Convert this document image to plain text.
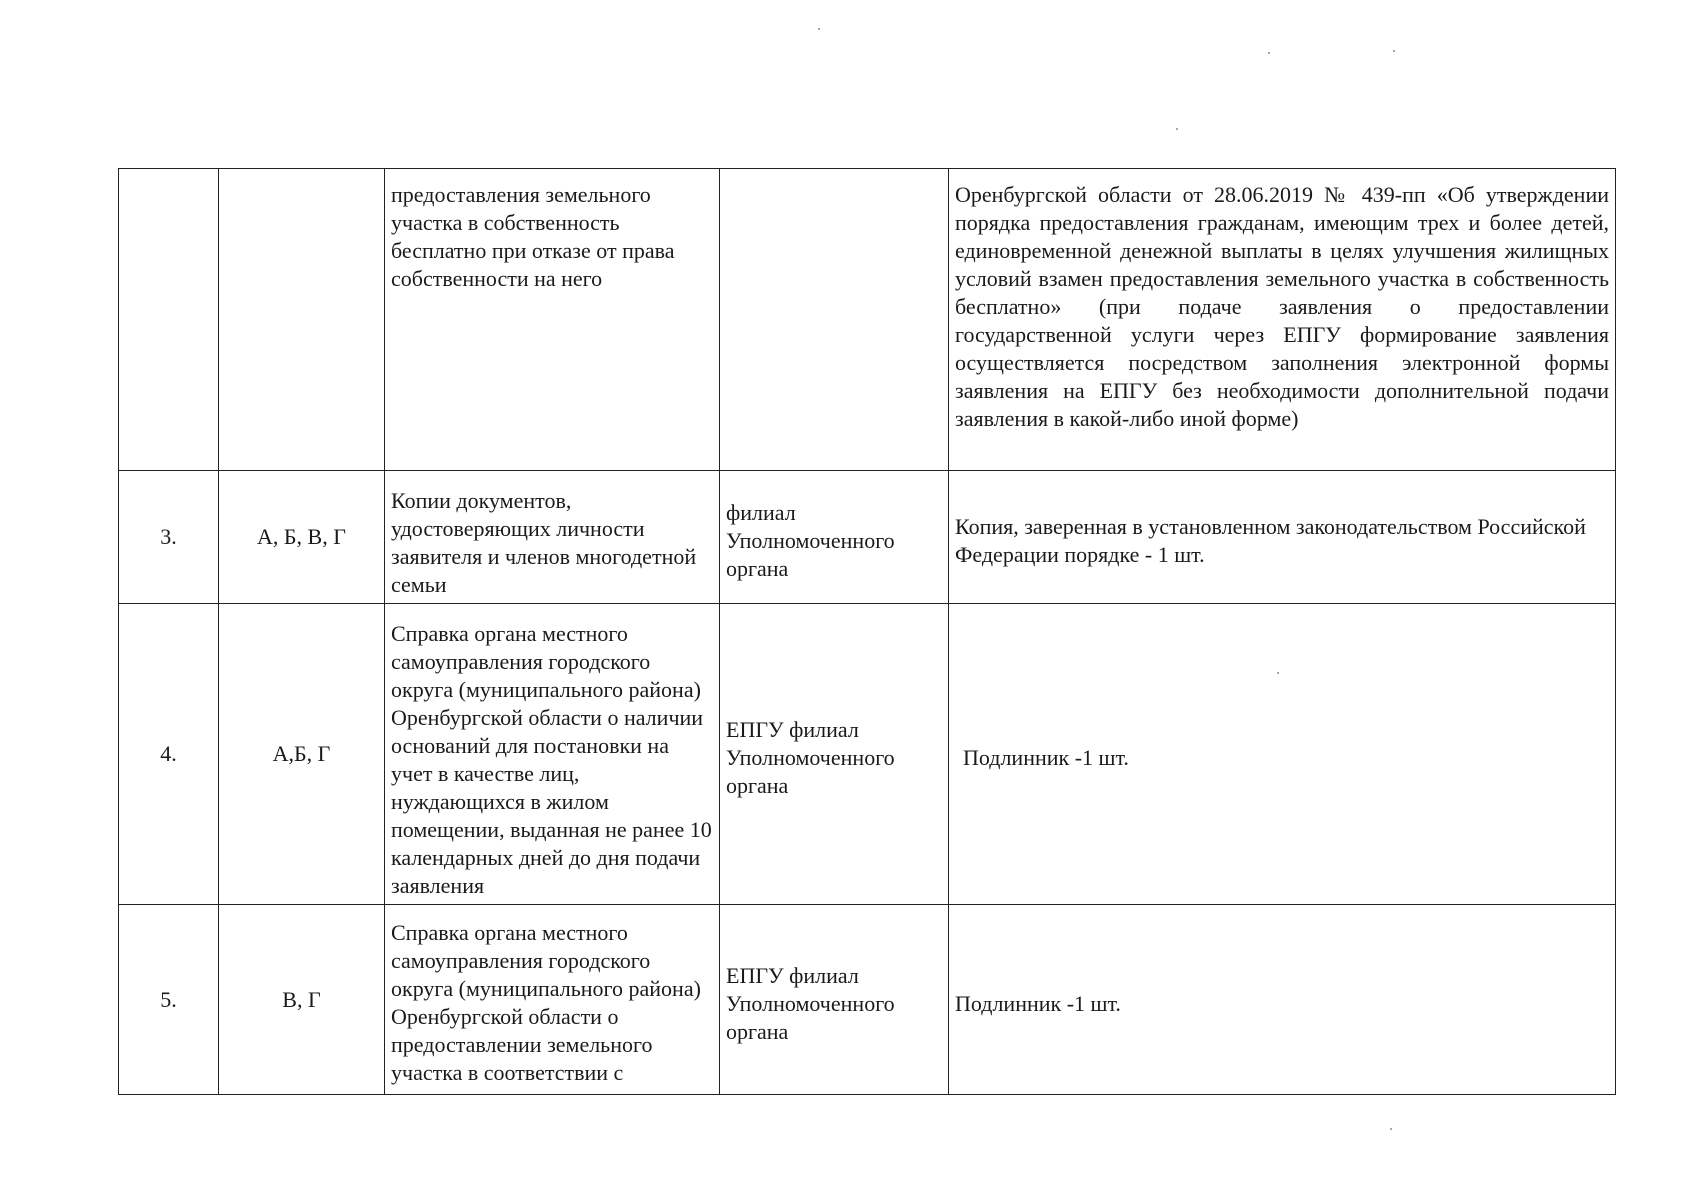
		предоставления земельного участка в собственность бесплатно при отказе от права собственности на него		Оренбургской области от 28.06.2019 № 439-пп «Об утверждении порядка предоставления гражданам, имеющим трех и более детей, единовременной денежной выплаты в целях улучшения жилищных условий взамен предоставления земельного участка в собственность бесплатно» (при подаче заявления о предоставлении государственной услуги через ЕПГУ формирование заявления осуществляется посредством заполнения электронной формы заявления на ЕПГУ без необходимости дополнительной подачи заявления в какой-либо иной форме)
3.	А, Б, В, Г	Копии документов, удостоверяющих личности заявителя и членов многодетной семьи	филиал Уполномоченного органа	Копия, заверенная в установленном законодательством Российской Федерации порядке - 1 шт.
4.	А,Б, Г	Справка органа местного самоуправления городского округа (муниципального района) Оренбургской области о наличии оснований для постановки на учет в качестве лиц, нуждающихся в жилом помещении, выданная не ранее 10 календарных дней до дня подачи заявления	ЕПГУ филиал Уполномоченного органа	Подлинник -1 шт.
5.	В, Г	Справка органа местного самоуправления городского округа (муниципального района) Оренбургской области о предоставлении земельного участка в соответствии с	ЕПГУ филиал Уполномоченного органа	Подлинник -1 шт.
